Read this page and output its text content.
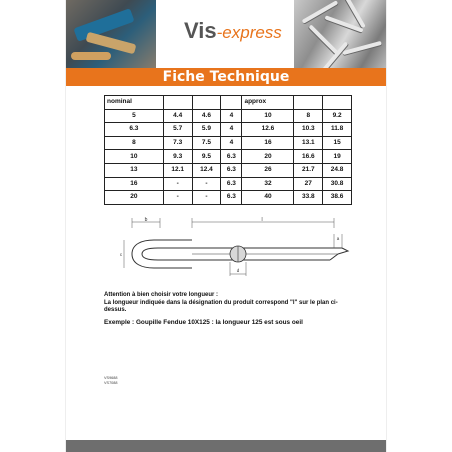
Vis-express
Fiche Technique
nominal				approx		
5	4.4	4.6	4	10	8	9.2
6.3	5.7	5.9	4	12.6	10.3	11.8
8	7.3	7.5	4	16	13.1	15
10	9.3	9.5	6.3	20	16.6	19
13	12.1	12.4	6.3	26	21.7	24.8
16	-	-	6.3	32	27	30.8
20	-	-	6.3	40	33.8	38.6
b	l
a
c
d
Attention à bien choisir votre longueur :
La longueur indiquée dans la désignation du produit correspond "l" sur le plan ci-dessus.
Exemple : Goupille Fendue 10X125 : la longueur 125 est sous oeil
VS9688
VS7088
